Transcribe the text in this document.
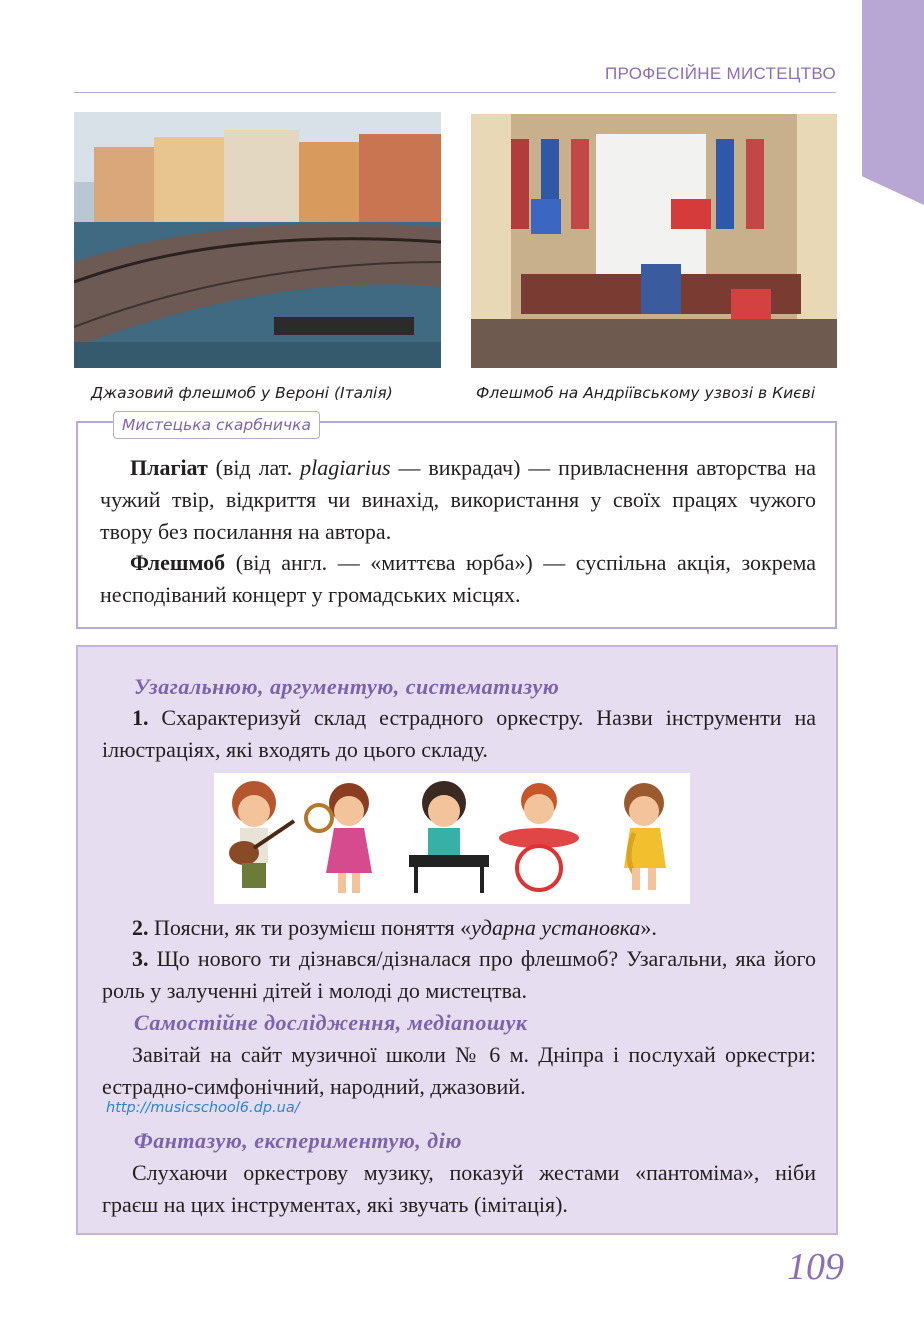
ПРОФЕСІЙНЕ МИСТЕЦТВО
Джазовий флешмоб у Вероні (Італія)	Флешмоб на Андріївському узвозі в Києві
Мистецька скарбничка
Плагіат (від лат. plagiarius — викрадач) — привласнення авторства на чужий твір, відкриття чи винахід, використання у своїх працях чужого твору без посилання на автора.
Флешмоб (від англ. — «миттєва юрба») — суспільна акція, зокрема несподіваний концерт у громадських місцях.
Узагальнюю, аргументую, систематизую
1. Схарактеризуй склад естрадного оркестру. Назви інструменти на ілюстраціях, які входять до цього складу.
2. Поясни, як ти розумієш поняття «ударна установка».
3. Що нового ти дізнався/дізналася про флешмоб? Узагальни, яка його роль у залученні дітей і молоді до мистецтва.
Самостійне дослідження, медіапошук
Завітай на сайт музичної школи № 6 м. Дніпра і послухай оркестри: естрадно-симфонічний, народний, джазовий.
http://musicschool6.dp.ua/
Фантазую, експериментую, дію
Слухаючи оркестрову музику, показуй жестами «пантоміма», ніби граєш на цих інструментах, які звучать (імітація).
109
